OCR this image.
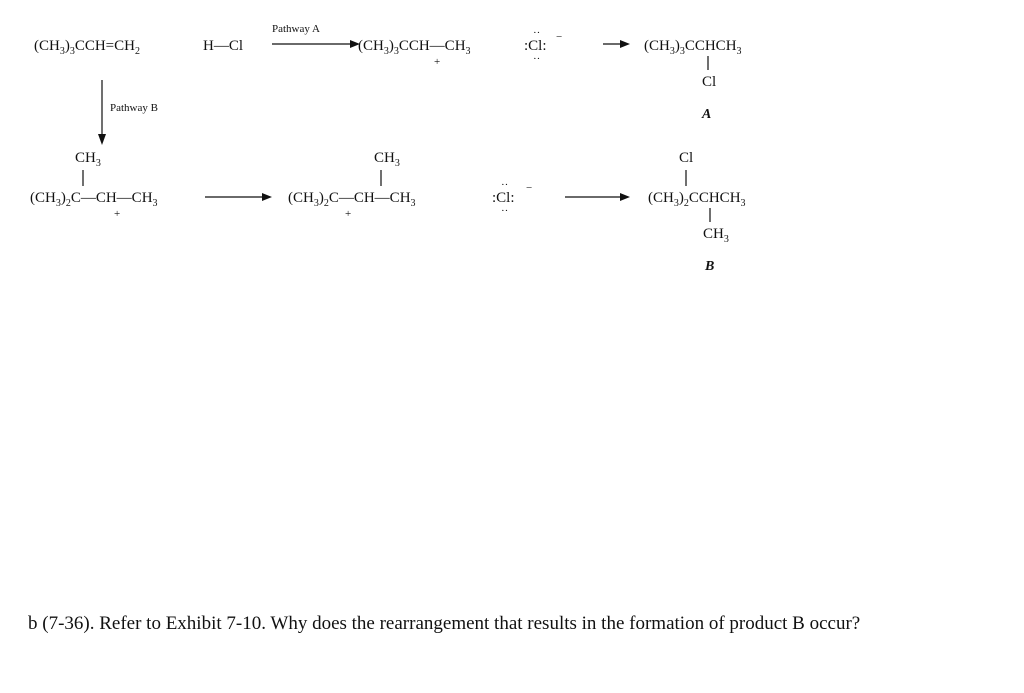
$(CH_3)_3CCH=CH_2$	H—Cl
Pathway A
$(CH_3)_3CCH—CH_3$
+
:Cl:
··
··
−
$(CH_3)_3CCHCH_3$
Cl
A
Pathway B
$CH_3$
$(CH_3)_2C—CH—CH_3$
+
$CH_3$
$(CH_3)_2C—CH—CH_3$
+
:Cl:
··
··
−
Cl
$(CH_3)_2CCHCH_3$
$CH_3$
B
b (7-36). Refer to Exhibit 7-10. Why does the rearrangement that results in the formation of product B occur?
